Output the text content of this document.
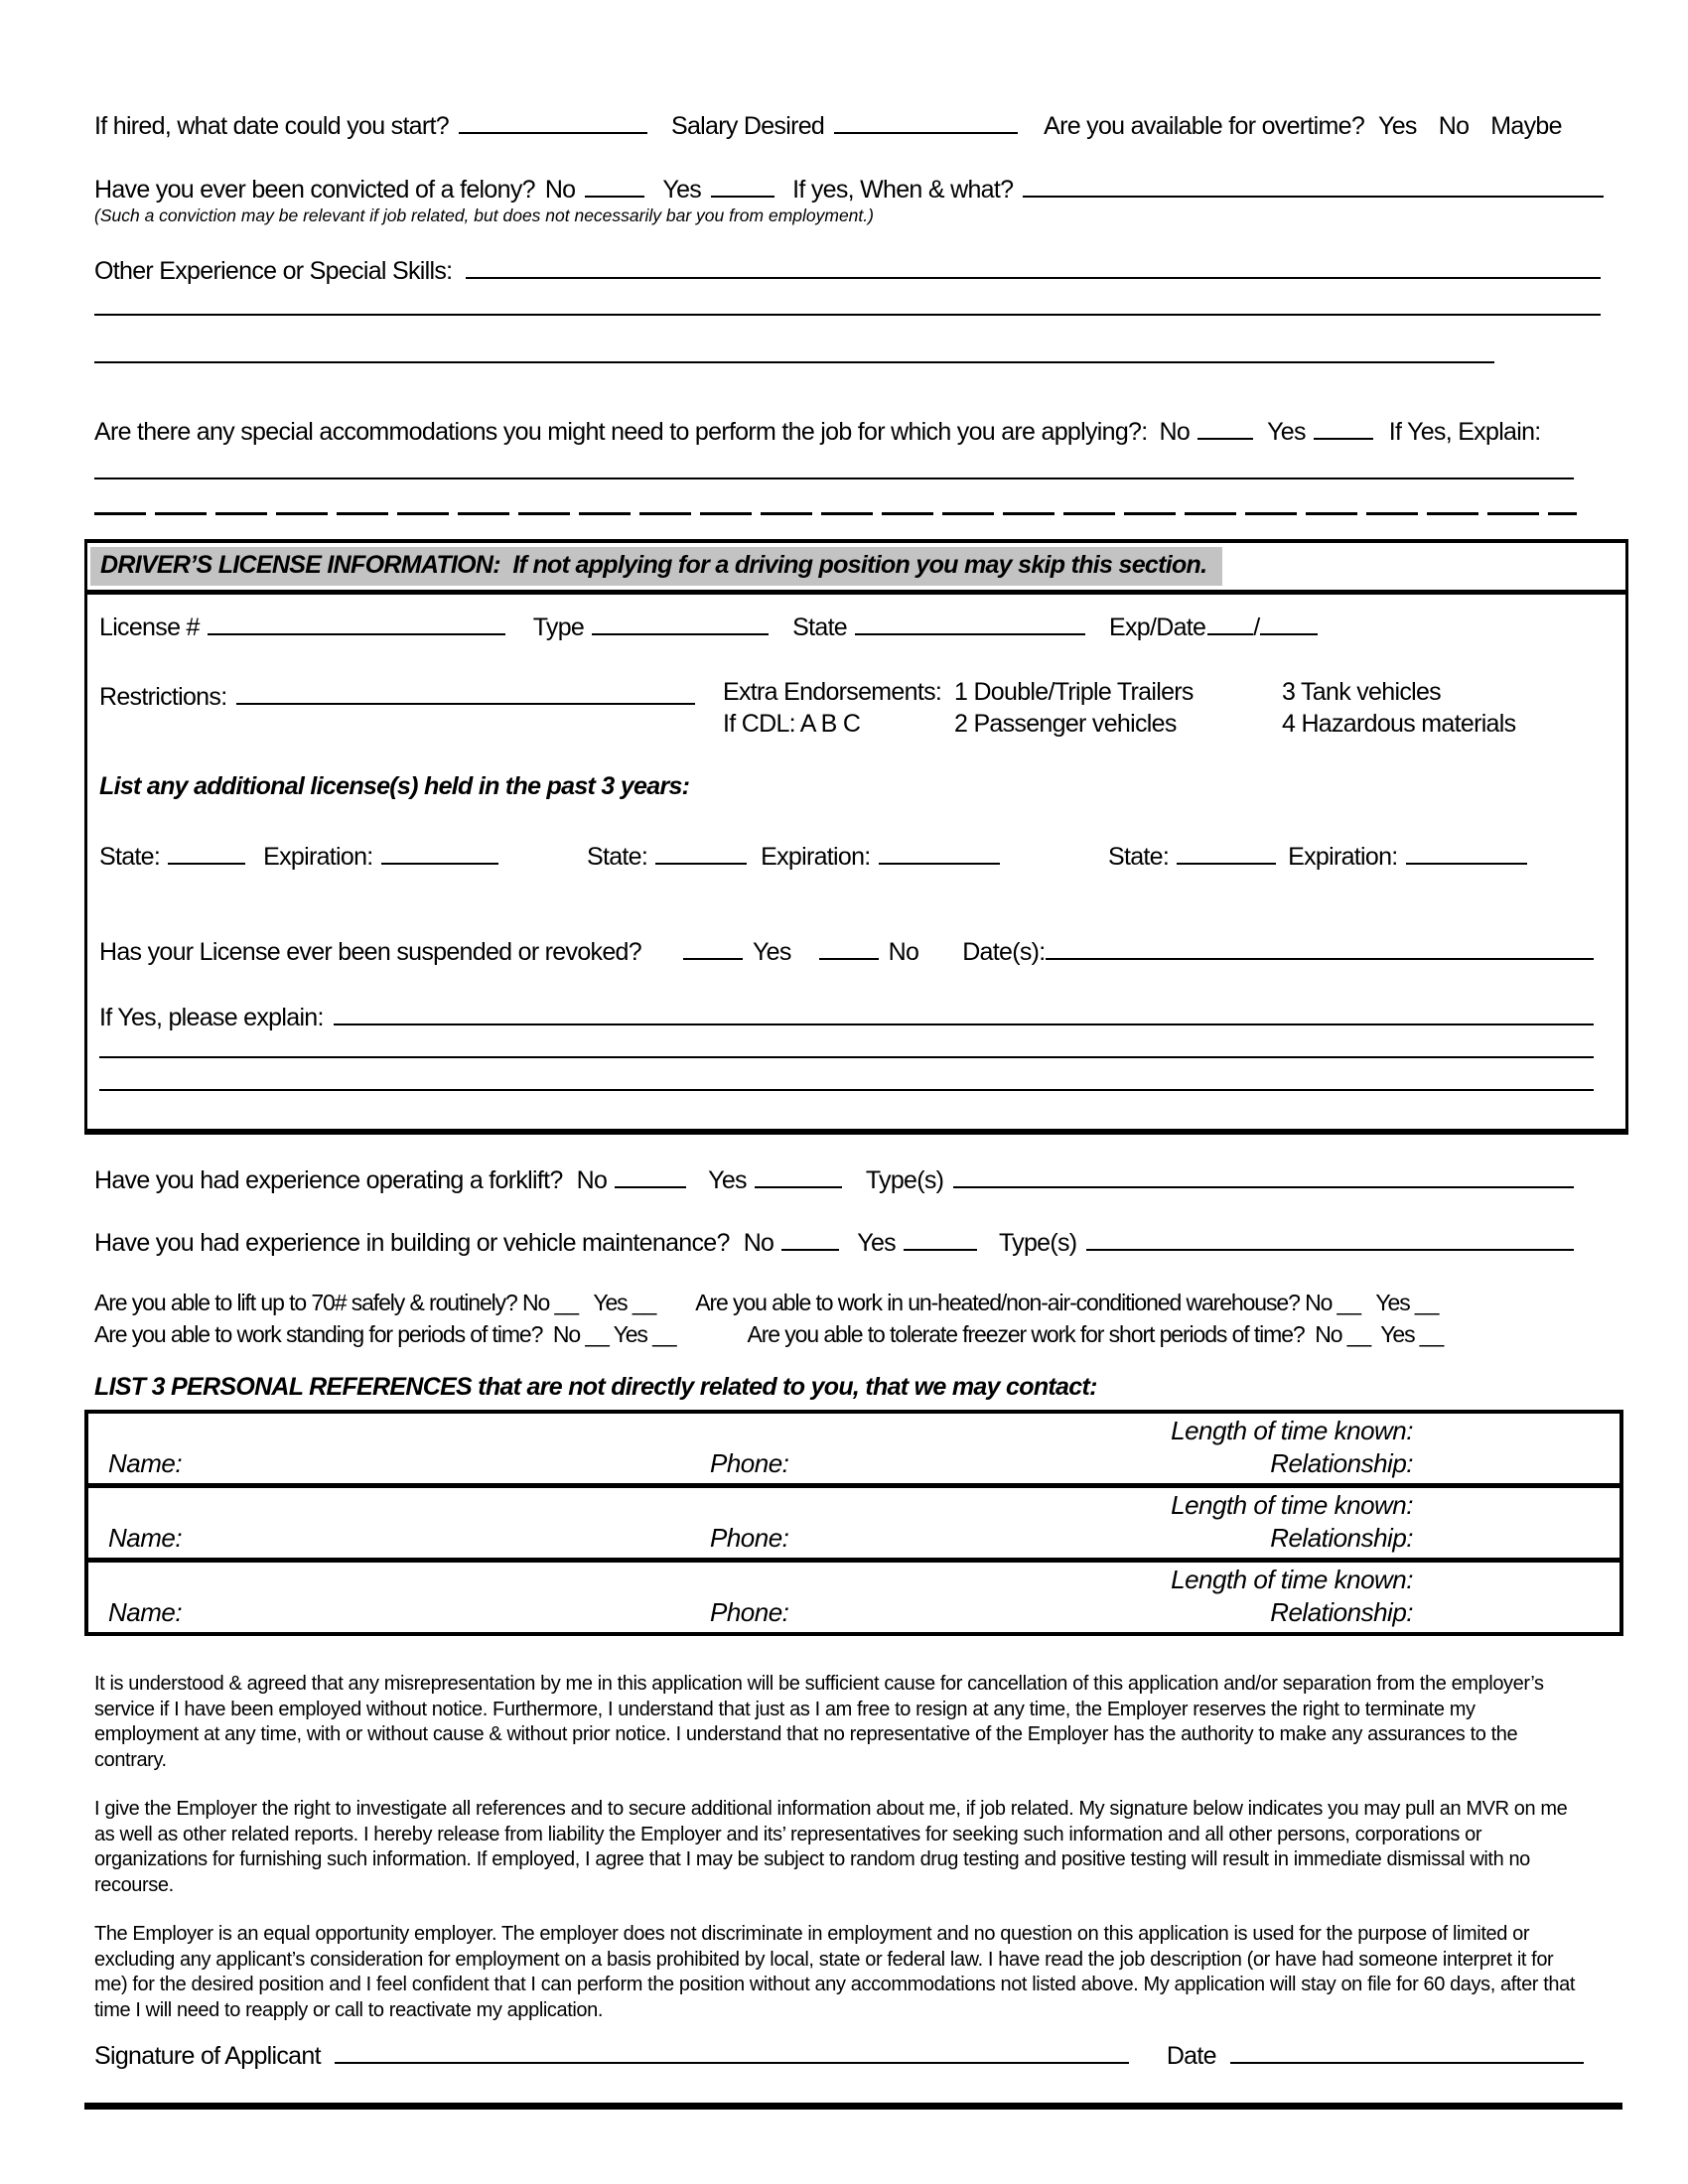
If hired, what date could you start?	Salary Desired	Are you available for overtime? Yes No Maybe
Have you ever been convicted of a felony? No	Yes	If yes, When & what?
(Such a conviction may be relevant if job related, but does not necessarily bar you from employment.)
Other Experience or Special Skills:
Are there any special accommodations you might need to perform the job for which you are applying?: No	Yes	If Yes, Explain:
DRIVER’S LICENSE INFORMATION:  If not applying for a driving position you may skip this section.
License #	Type	State	Exp/Date /
Restrictions:	Extra Endorsements: 1 Double/Triple Trailers	3 Tank vehicles
If CDL: A B C	2 Passenger vehicles	4 Hazardous materials
List any additional license(s) held in the past 3 years:
State:	Expiration:	State:	Expiration:	State:	Expiration:
Has your License ever been suspended or revoked?	Yes	No Date(s):
If Yes, please explain:
Have you had experience operating a forklift? No	Yes	Type(s)
Have you had experience in building or vehicle maintenance? No	Yes	Type(s)
Are you able to lift up to 70# safely & routinely? No __   Yes __ Are you able to work in un-heated/non-air-conditioned warehouse? No __   Yes __
Are you able to work standing for periods of time?  No __ Yes __	Are you able to tolerate freezer work for short periods of time?  No __  Yes __
LIST 3 PERSONAL REFERENCES that are not directly related to you, that we may contact:
Length of time known:
Name:	Phone:	Relationship:
Length of time known:
Name:	Phone:	Relationship:
Length of time known:
Name:	Phone:	Relationship:

It is understood & agreed that any misrepresentation by me in this application will be sufficient cause for cancellation of this application and/or separation from the employer’s service if I have been employed without notice. Furthermore, I understand that just as I am free to resign at any time, the Employer reserves the right to terminate my employment at any time, with or without cause & without prior notice. I understand that no representative of the Employer has the authority to make any assurances to the contrary.

I give the Employer the right to investigate all references and to secure additional information about me, if job related. My signature below indicates you may pull an MVR on me as well as other related reports. I hereby release from liability the Employer and its’ representatives for seeking such information and all other persons, corporations or organizations for furnishing such information. If employed, I agree that I may be subject to random drug testing and positive testing will result in immediate dismissal with no recourse.

The Employer is an equal opportunity employer. The employer does not discriminate in employment and no question on this application is used for the purpose of limited or excluding any applicant’s consideration for employment on a basis prohibited by local, state or federal law. I have read the job description (or have had someone interpret it for me) for the desired position and I feel confident that I can perform the position without any accommodations not listed above. My application will stay on file for 60 days, after that time I will need to reapply or call to reactivate my application.

Signature of Applicant	Date
